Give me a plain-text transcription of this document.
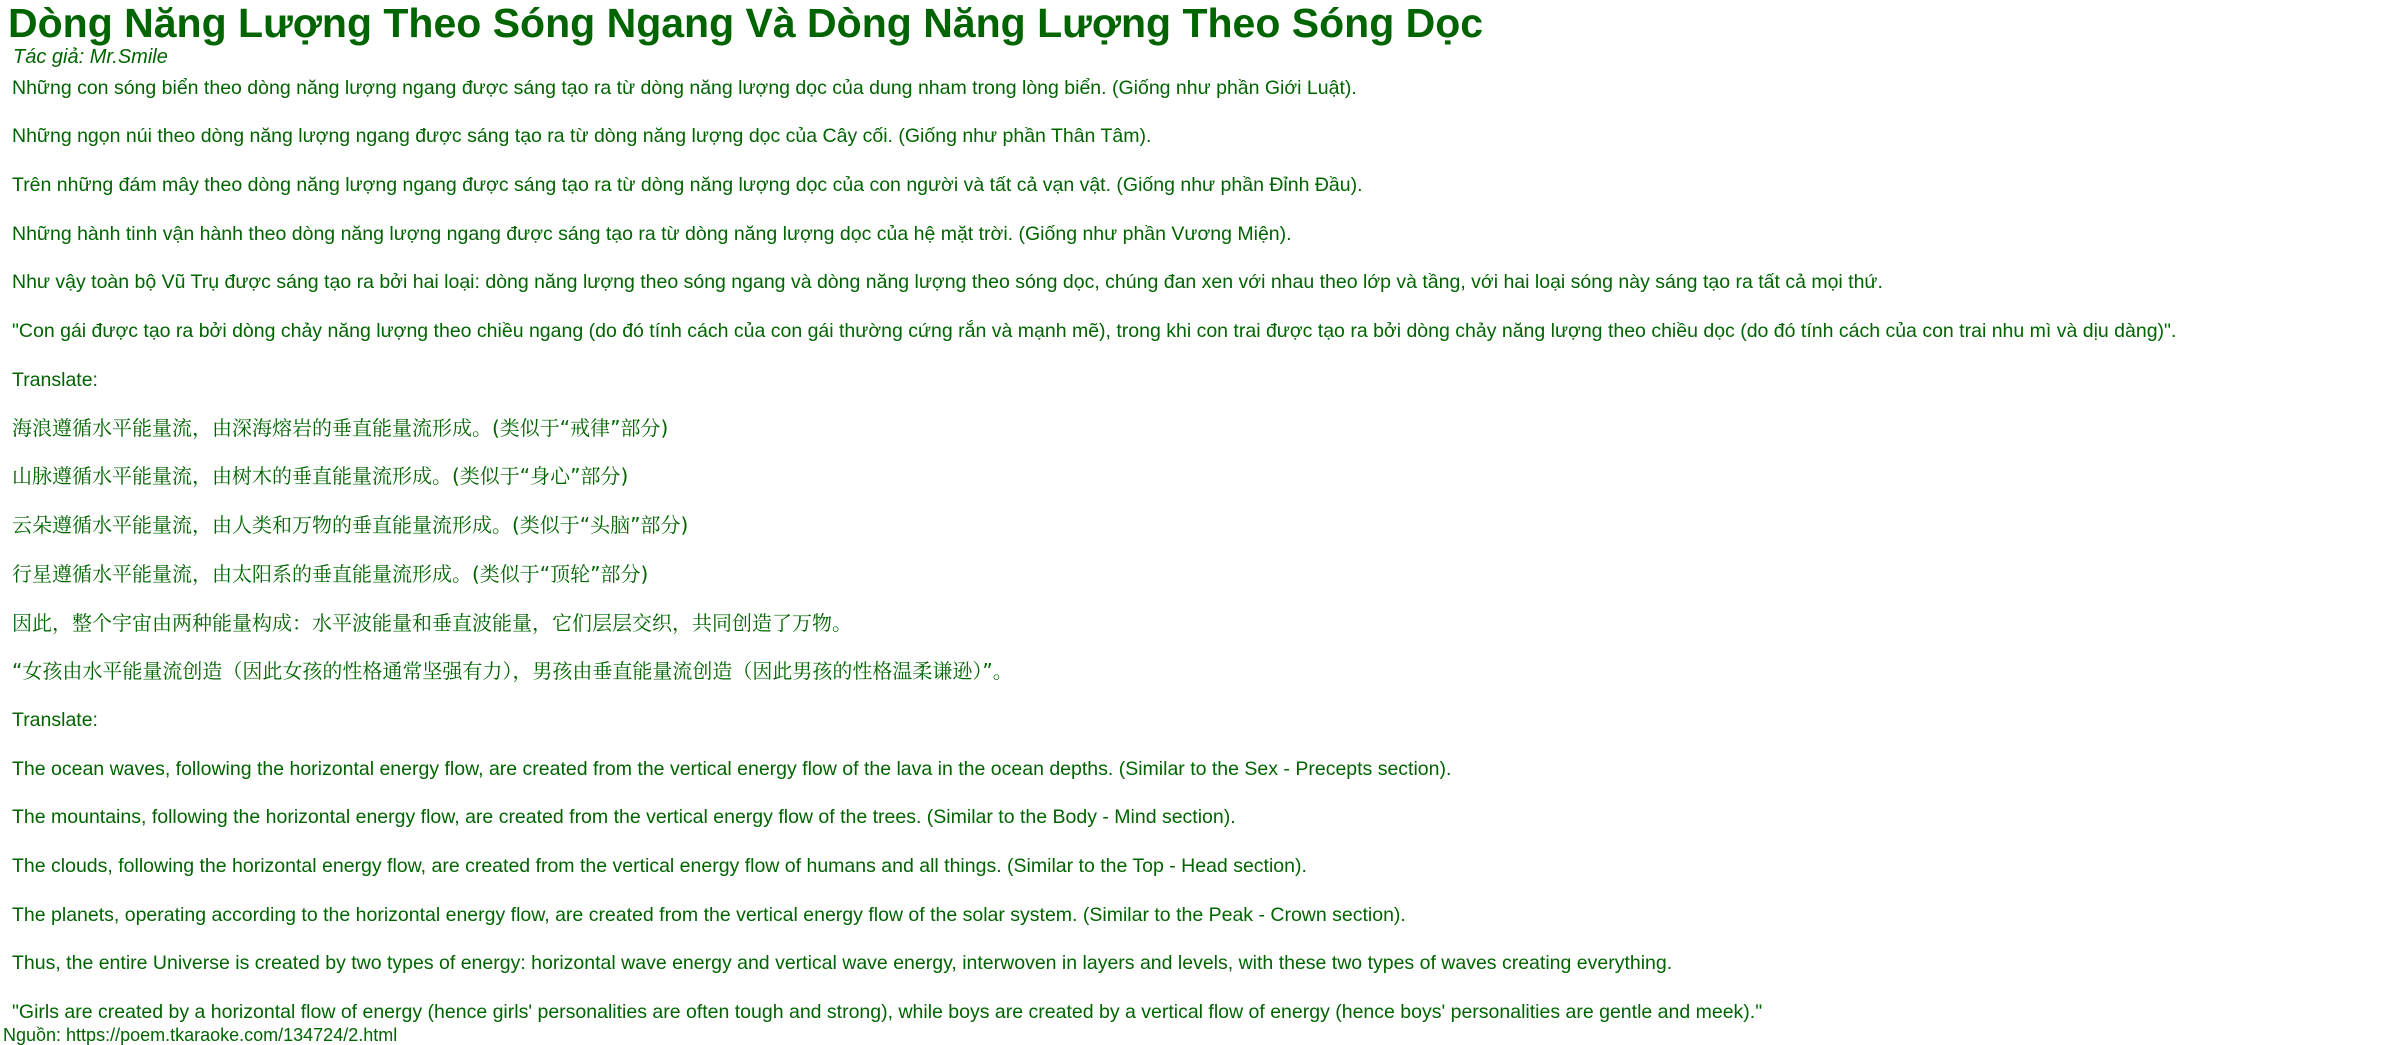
Dòng Năng Lượng Theo Sóng Ngang Và Dòng Năng Lượng Theo Sóng Dọc
Tác giả: Mr.Smile

Những con sóng biển theo dòng năng lượng ngang được sáng tạo ra từ dòng năng lượng dọc của dung nham trong lòng biển. (Giống như phần Giới Luật).

Những ngọn núi theo dòng năng lượng ngang được sáng tạo ra từ dòng năng lượng dọc của Cây cối. (Giống như phần Thân Tâm).

Trên những đám mây theo dòng năng lượng ngang được sáng tạo ra từ dòng năng lượng dọc của con người và tất cả vạn vật. (Giống như phần Đỉnh Đầu).

Những hành tinh vận hành theo dòng năng lượng ngang được sáng tạo ra từ dòng năng lượng dọc của hệ mặt trời. (Giống như phần Vương Miện).

Như vậy toàn bộ Vũ Trụ được sáng tạo ra bởi hai loại: dòng năng lượng theo sóng ngang và dòng năng lượng theo sóng dọc, chúng đan xen với nhau theo lớp và tầng, với hai loại sóng này sáng tạo ra tất cả mọi thứ.

"Con gái được tạo ra bởi dòng chảy năng lượng theo chiều ngang (do đó tính cách của con gái thường cứng rắn và mạnh mẽ), trong khi con trai được tạo ra bởi dòng chảy năng lượng theo chiều dọc (do đó tính cách của con trai nhu mì và dịu dàng)".

Translate:

海浪遵循水平能量流，由深海熔岩的垂直能量流形成。(类似于“戒律”部分)

山脉遵循水平能量流，由树木的垂直能量流形成。(类似于“身心”部分)

云朵遵循水平能量流，由人类和万物的垂直能量流形成。(类似于“头脑”部分)

行星遵循水平能量流，由太阳系的垂直能量流形成。(类似于“顶轮”部分)

因此，整个宇宙由两种能量构成：水平波能量和垂直波能量，它们层层交织，共同创造了万物。

“女孩由水平能量流创造（因此女孩的性格通常坚强有力），男孩由垂直能量流创造（因此男孩的性格温柔谦逊）”。

Translate:

The ocean waves, following the horizontal energy flow, are created from the vertical energy flow of the lava in the ocean depths. (Similar to the Sex - Precepts section).

The mountains, following the horizontal energy flow, are created from the vertical energy flow of the trees. (Similar to the Body - Mind section).

The clouds, following the horizontal energy flow, are created from the vertical energy flow of humans and all things. (Similar to the Top - Head section).

The planets, operating according to the horizontal energy flow, are created from the vertical energy flow of the solar system. (Similar to the Peak - Crown section).

Thus, the entire Universe is created by two types of energy: horizontal wave energy and vertical wave energy, interwoven in layers and levels, with these two types of waves creating everything.

"Girls are created by a horizontal flow of energy (hence girls' personalities are often tough and strong), while boys are created by a vertical flow of energy (hence boys' personalities are gentle and meek)."

Nguồn: https://poem.tkaraoke.com/134724/2.html
